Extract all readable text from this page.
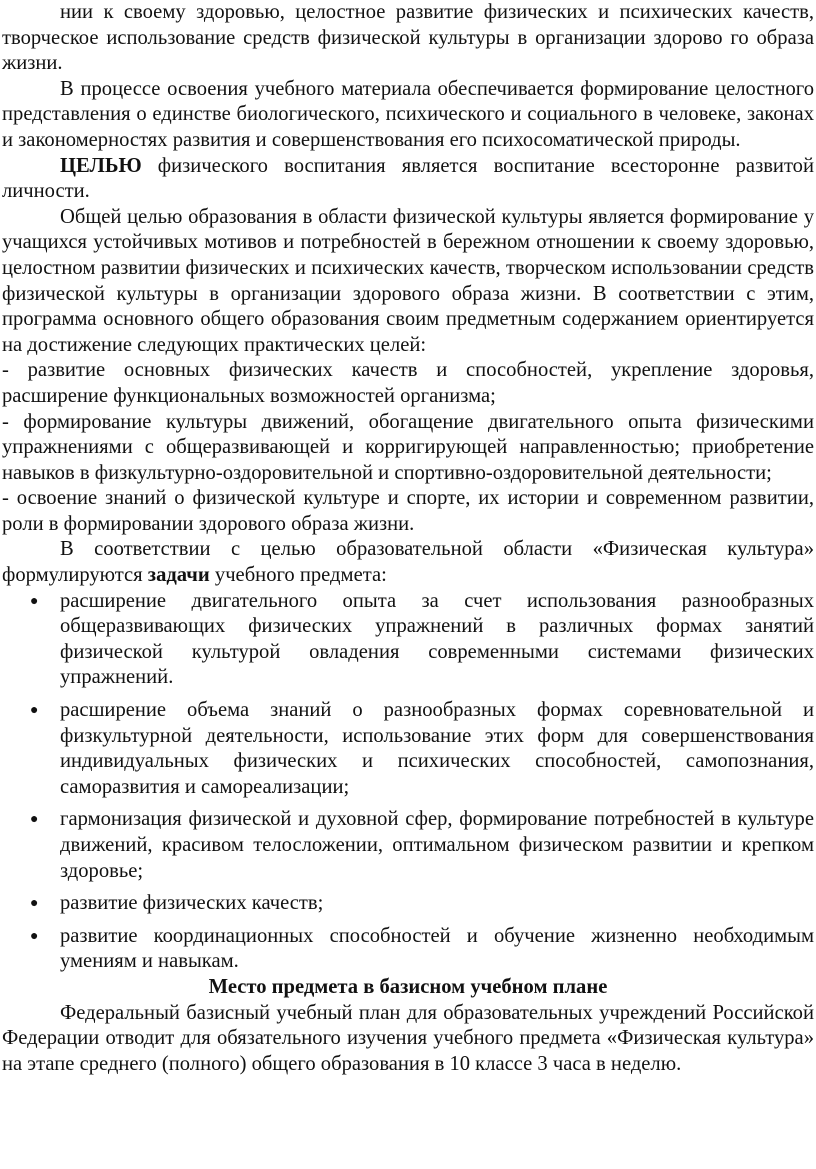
нии к своему здоровью, целостное развитие физических и психических качеств, творческое использование средств физической культуры в организации здорово го образа жизни.

В процессе освоения учебного материала обеспечивается формирование целостного представления о единстве биологического, психического и социального в человеке, законах и закономерностях развития и совершенствования его психосоматической природы.

ЦЕЛЬЮ физического воспитания является воспитание всесторонне развитой личности.

Общей целью образования в области физической культуры является формирование у учащихся устойчивых мотивов и потребностей в бережном отношении к своему здоровью, целостном развитии физических и психических качеств, творческом использовании средств физической культуры в организации здорового образа жизни. В соответствии с этим, программа основного общего образования своим предметным содержанием ориентируется на достижение следующих практических целей:

- развитие основных физических качеств и способностей, укрепление здоровья, расширение функциональных возможностей организма;

- формирование культуры движений, обогащение двигательного опыта физическими упражнениями с общеразвивающей и корригирующей направленностью; приобретение навыков в физкультурно-оздоровительной и спортивно-оздоровительной деятельности;

- освоение знаний о физической культуре и спорте, их истории и современном развитии, роли в формировании здорового образа жизни.

В соответствии с целью образовательной области «Физическая культура» формулируются задачи учебного предмета:

● расширение двигательного опыта за счет использования разнообразных общеразвивающих физических упражнений в различных формах занятий физической культурой овладения современными системами физических упражнений.
● расширение объема знаний о разнообразных формах соревновательной и физкультурной деятельности, использование этих форм для совершенствования индивидуальных физических и психических способностей, самопознания, саморазвития и самореализации;
● гармонизация физической и духовной сфер, формирование потребностей в культуре движений, красивом телосложении, оптимальном физическом развитии и крепком здоровье;
● развитие физических качеств;
● развитие координационных способностей и обучение жизненно необходимым умениям и навыкам.

Место предмета в базисном учебном плане

Федеральный базисный учебный план для образовательных учреждений Российской Федерации отводит для обязательного изучения учебного предмета «Физическая культура» на этапе среднего (полного) общего образования в 10 классе 3 часа в неделю.
